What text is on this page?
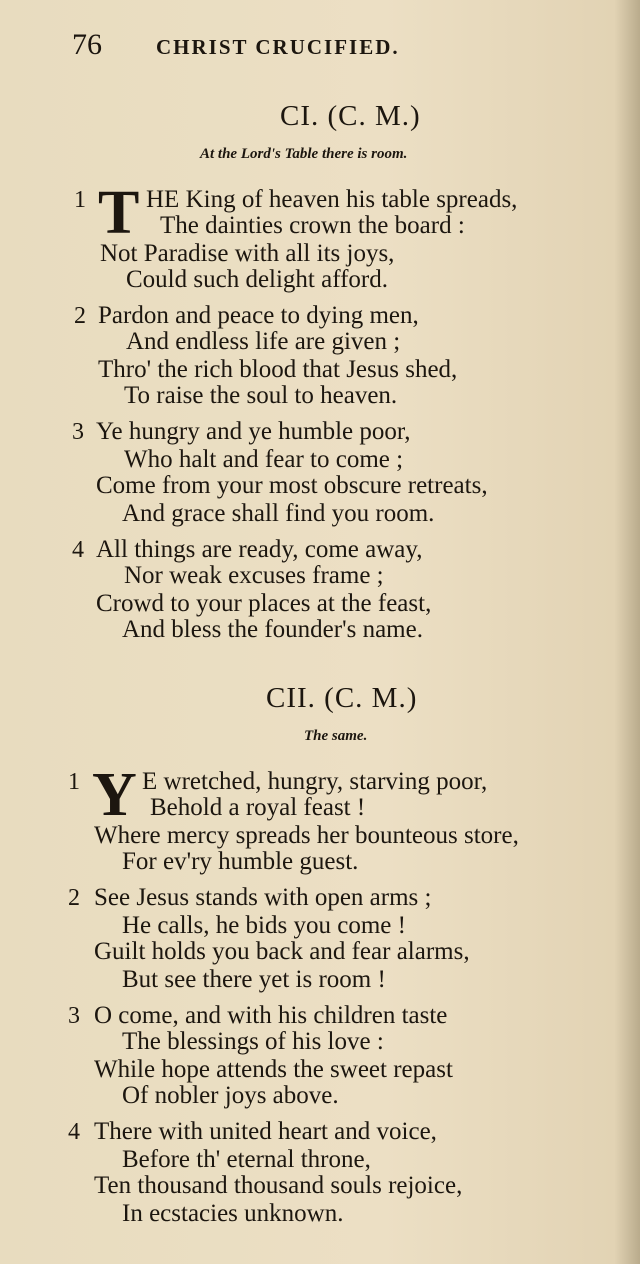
76	CHRIST CRUCIFIED.
CI. (C. M.)
At the Lord's Table there is room.
1 T HE King of heaven his table spreads,
The dainties crown the board :
Not Paradise with all its joys,
Could such delight afford.
2 Pardon and peace to dying men,
And endless life are given ;
Thro' the rich blood that Jesus shed,
To raise the soul to heaven.
3 Ye hungry and ye humble poor,
Who halt and fear to come ;
Come from your most obscure retreats,
And grace shall find you room.
4 All things are ready, come away,
Nor weak excuses frame ;
Crowd to your places at the feast,
And bless the founder's name.
CII. (C. M.)
The same.
1 Y E wretched, hungry, starving poor,
Behold a royal feast !
Where mercy spreads her bounteous store,
For ev'ry humble guest.
2 See Jesus stands with open arms ;
He calls, he bids you come !
Guilt holds you back and fear alarms,
But see there yet is room !
3 O come, and with his children taste
The blessings of his love :
While hope attends the sweet repast
Of nobler joys above.
4 There with united heart and voice,
Before th' eternal throne,
Ten thousand thousand souls rejoice,
In ecstacies unknown.
